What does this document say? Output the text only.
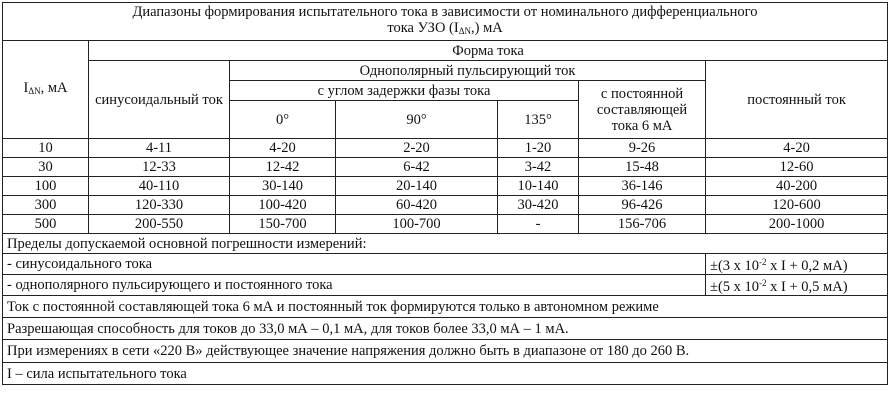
Диапазоны формирования испытательного тока в зависимости от номинального дифференциального
тока УЗО $(I_{\Delta N},)$ мА						
$I_{\Delta N}$, мА	Форма тока					
	синусоидальный ток	Однополярный пульсирующий ток				постоянный ток
		с углом задержки фазы тока			с постоянной составляющей тока 6 мА	
		0°	90°	135°		
10	4-11	4-20	2-20	1-20	9-26	4-20
30	12-33	12-42	6-42	3-42	15-48	12-60
100	40-110	30-140	20-140	10-140	36-146	40-200
300	120-330	100-420	60-420	30-420	96-426	120-600
500	200-550	150-700	100-700	-	156-706	200-1000
Пределы допускаемой основной погрешности измерений:						
- синусоидального тока						±(3 х $10^{-2}$ х I + 0,2 мА)
- однополярного пульсирующего и постоянного тока						±(5 х $10^{-2}$ х I + 0,5 мА)
Ток с постоянной составляющей тока 6 мА и постоянный ток формируются только в автономном режиме						
Разрешающая способность для токов до 33,0 мА – 0,1 мА, для токов более 33,0 мА – 1 мА.						
При измерениях в сети «220 В» действующее значение напряжения должно быть в диапазоне от 180 до 260 В.						
I – сила испытательного тока						
